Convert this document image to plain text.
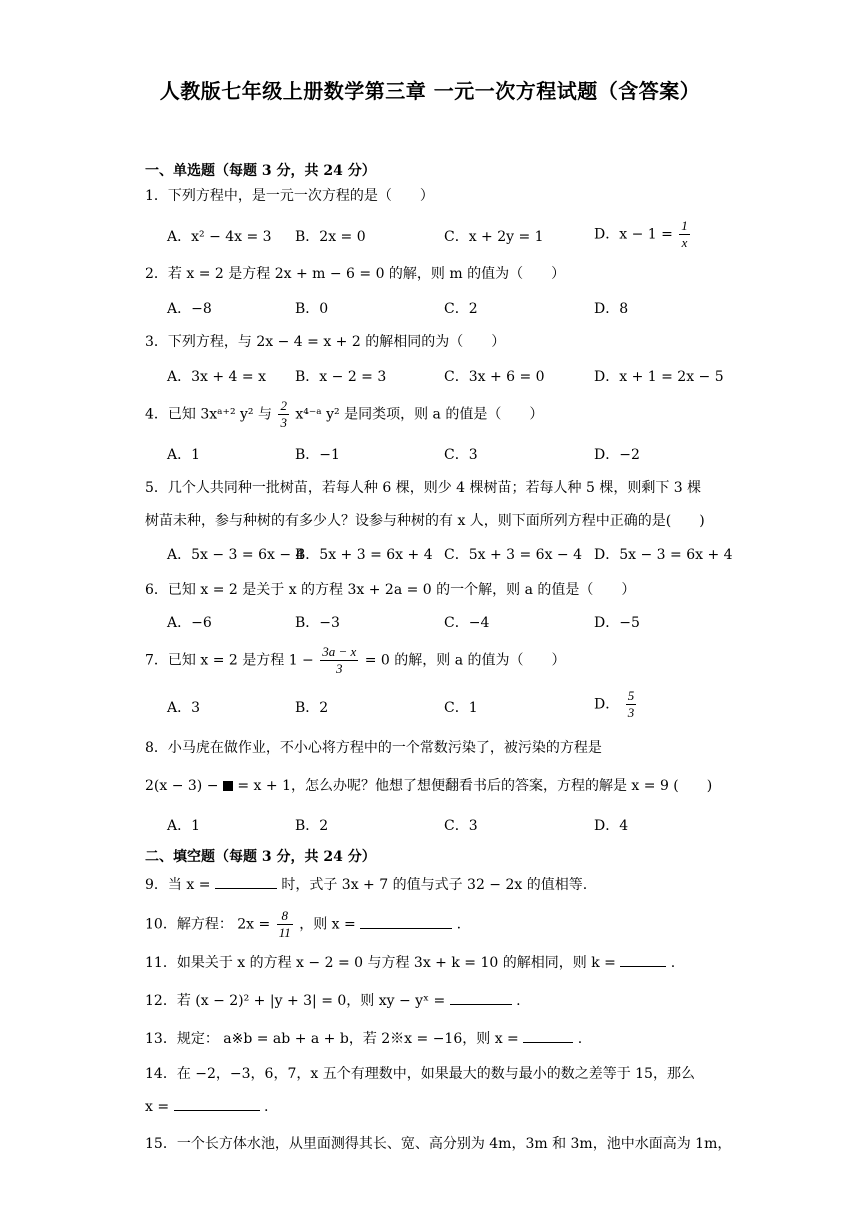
人教版七年级上册数学第三章 一元一次方程试题（含答案）
一、单选题（每题 3 分，共 24 分）
1．下列方程中，是一元一次方程的是（　　）
A．x² − 4x = 3 B．2x = 0	C．x + 2y = 1	D．$x - 1 = \frac{1}{x}$
2．若 x = 2 是方程 2x + m − 6 = 0 的解，则 m 的值为（　　）
A．−8	B．0	C．2	D．8
3．下列方程，与 2x − 4 = x + 2 的解相同的为（　　）
A．3x + 4 = x B．x − 2 = 3	C．3x + 6 = 0	D．x + 1 = 2x − 5
4．已知 3xᵃ⁺² y² 与 $\frac{2}{3}$ x⁴⁻ᵃ y² 是同类项，则 a 的值是（　　）
A．1	B．−1	C．3	D．−2
5．几个人共同种一批树苗，若每人种 6 棵，则少 4 棵树苗；若每人种 5 棵，则剩下 3 棵
树苗未种，参与种树的有多少人？设参与种树的有 x 人，则下面所列方程中正确的是(　　)
A．5x − 3 = 6x − 4
B．5x + 3 = 6x + 4 C．5x + 3 = 6x − 4 D．5x − 3 = 6x + 4
6．已知 x = 2 是关于 x 的方程 3x + 2a = 0 的一个解，则 a 的值是（　　）
A．−6	B．−3	C．−4	D．−5
7．已知 x = 2 是方程 $1 - \frac{3a - x}{3} = 0$ 的解，则 a 的值为（　　）
A．3	B．2	C．1	D． $\frac{5}{3}$
8．小马虎在做作业，不小心将方程中的一个常数污染了，被污染的方程是
2(x − 3) − = x + 1，怎么办呢？他想了想便翻看书后的答案，方程的解是 x = 9 (　　)
A．1	B．2	C．3	D．4
二、填空题（每题 3 分，共 24 分）
9．当 x =	时，式子 3x + 7 的值与式子 32 − 2x 的值相等.
10．解方程： $2x = \frac{8}{11}$ ，则 x =	.
11．如果关于 x 的方程 x − 2 = 0 与方程 3x + k = 10 的解相同，则 k =	.
12．若 (x − 2)² + |y + 3| = 0，则 xy − yˣ =	.
13．规定： a※b = ab + a + b，若 2※x = −16，则 x =	.
14．在 −2，−3，6，7，x 五个有理数中，如果最大的数与最小的数之差等于 15，那么
x =	.
15．一个长方体水池，从里面测得其长、宽、高分别为 4m，3m 和 3m，池中水面高为 1m，
